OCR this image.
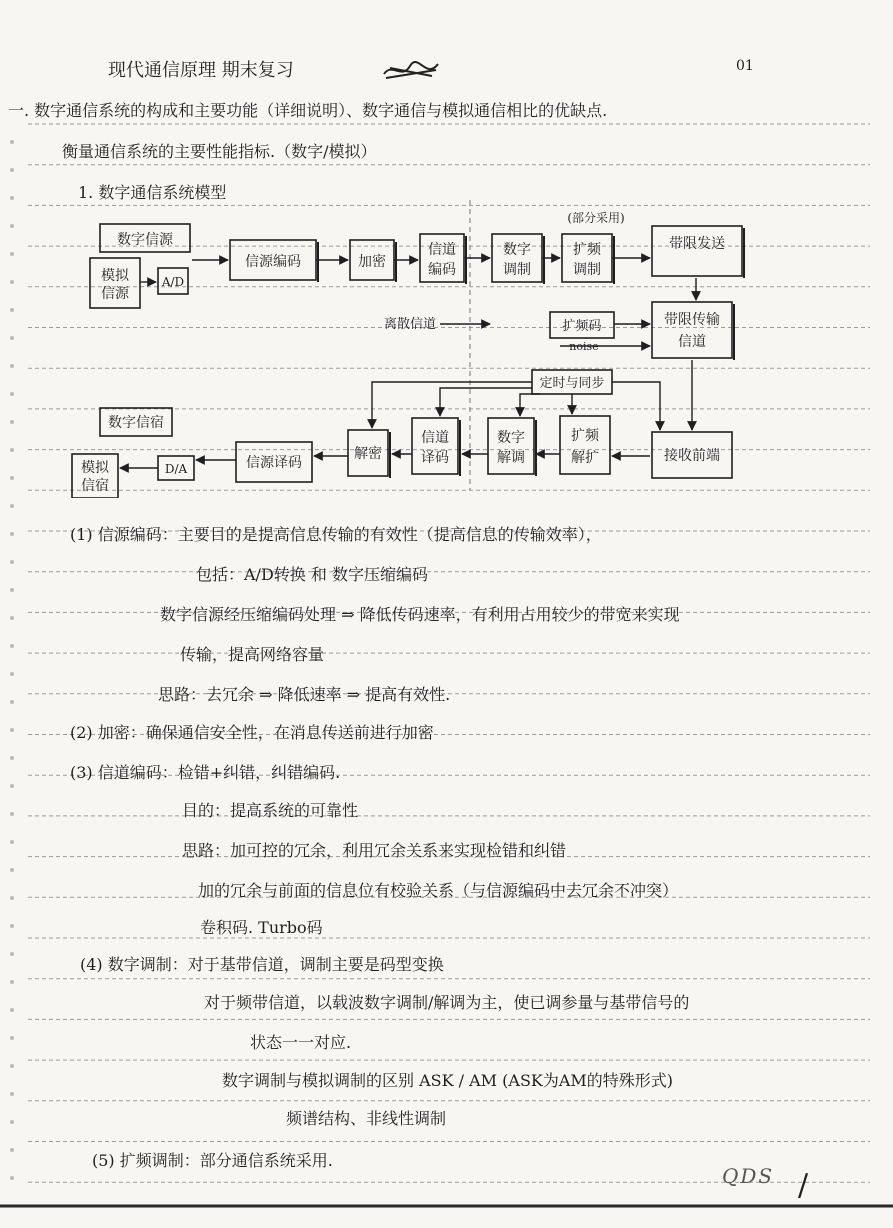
现代通信原理 期末复习	01
一. 数字通信系统的构成和主要功能（详细说明）、数字通信与模拟通信相比的优缺点.
衡量通信系统的主要性能指标.（数字/模拟）
1. 数字通信系统模型
数字信源
模拟
信源
A/D
信源编码	加密
信道
编码
数字
调制
扩频
调制
(部分采用)
带限发送
离散信道	扩频码
noise
带限传输
信道
定时与同步
数字信宿
模拟
信宿
D/A	信源译码
解密
信道
译码
数字
解调
扩频
解扩	接收前端
(1) 信源编码：主要目的是提高信息传输的有效性（提高信息的传输效率），
包括：A/D转换 和 数字压缩编码
数字信源经压缩编码处理 ⇒ 降低传码速率，有利用占用较少的带宽来实现
传输，提高网络容量
思路：去冗余 ⇒ 降低速率 ⇒ 提高有效性.
(2) 加密：确保通信安全性，在消息传送前进行加密
(3) 信道编码：检错+纠错，纠错编码.
目的：提高系统的可靠性
思路：加可控的冗余，利用冗余关系来实现检错和纠错
加的冗余与前面的信息位有校验关系（与信源编码中去冗余不冲突）
卷积码. Turbo码
(4) 数字调制：对于基带信道，调制主要是码型变换
对于频带信道，以载波数字调制/解调为主，使已调参量与基带信号的
状态一一对应.
数字调制与模拟调制的区别 ASK / AM (ASK为AM的特殊形式)
频谱结构、非线性调制
(5) 扩频调制：部分通信系统采用.
QDS /
